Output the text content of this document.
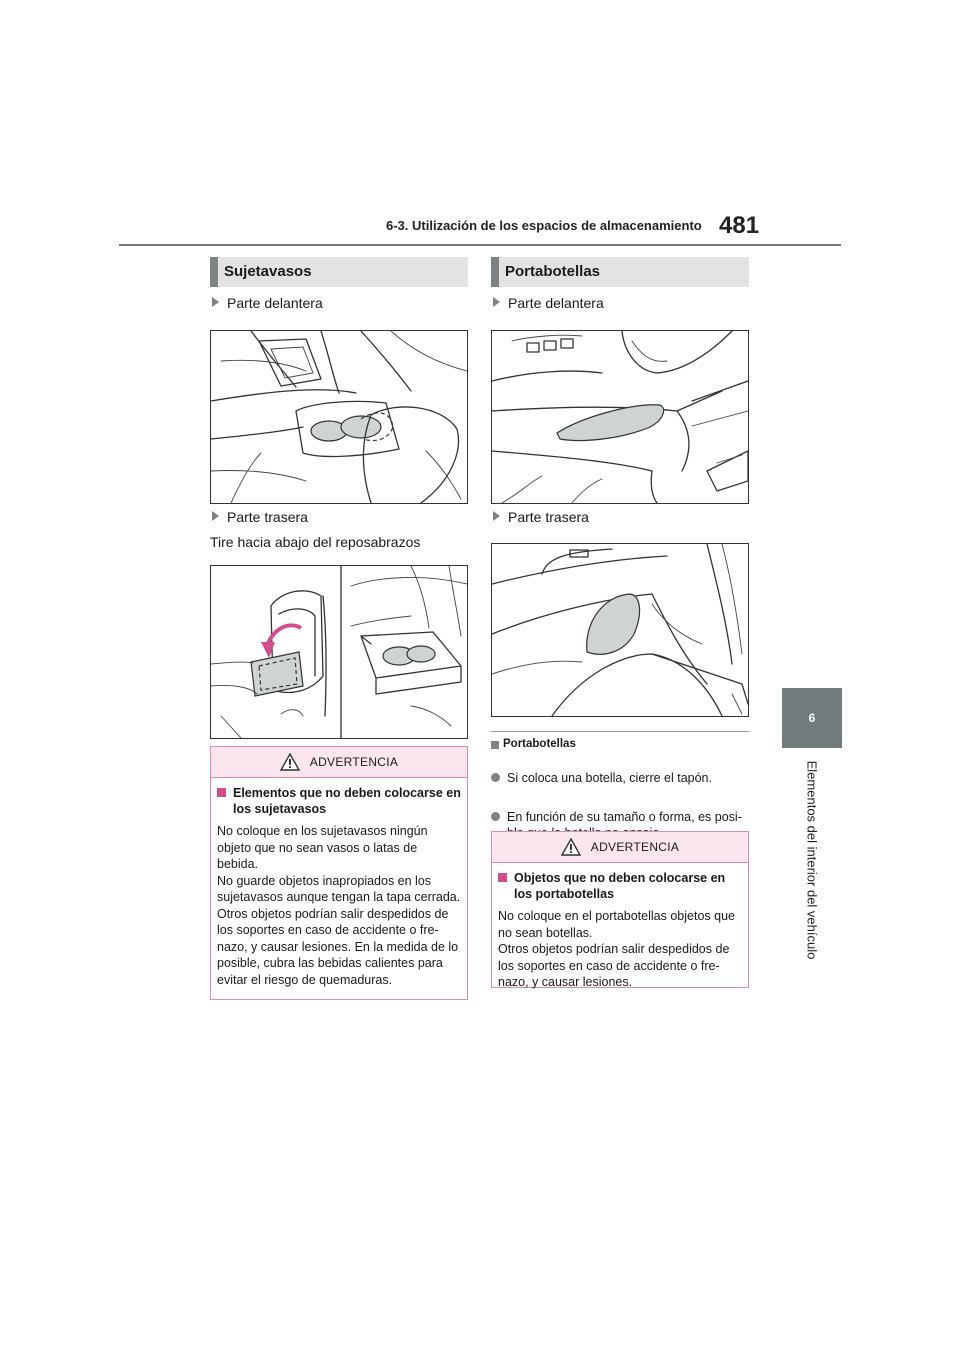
6-3. Utilización de los espacios de almacenamiento 481
6
Elementos del interior del vehículo
Sujetavasos
Parte delantera
Parte trasera
Tire hacia abajo del reposabrazos
ADVERTENCIA
Elementos que no deben colocarse en los sujetavasos
No coloque en los sujetavasos ningún objeto que no sean vasos o latas de bebida.
No guarde objetos inapropiados en los sujetavasos aunque tengan la tapa cerrada.
Otros objetos podrían salir despedidos de los soportes en caso de accidente o fre-nazo, y causar lesiones. En la medida de lo posible, cubra las bebidas calientes para evitar el riesgo de quemaduras.
Portabotellas
Parte delantera
Parte trasera
Portabotellas
Si coloca una botella, cierre el tapón.
En función de su tamaño o forma, es posi-

ADVERTENCIA
Objetos que no deben colocarse en los portabotellas
No coloque en el portabotellas objetos que no sean botellas.
Otros objetos podrían salir despedidos de los soportes en caso de accidente o fre-nazo, y causar lesiones.
